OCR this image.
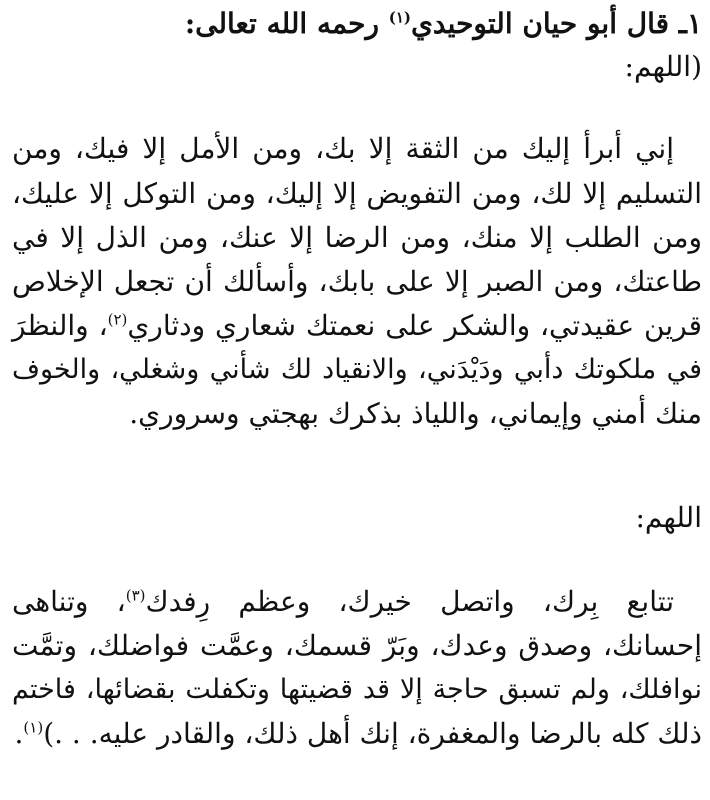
١ـ قال أبو حيان التوحيدي$^{(١)}$ رحمه الله تعالى:
(اللهم:
إني أبرأ إليك من الثقة إلا بك، ومن الأمل إلا فيك، ومن
التسليم إلا لك، ومن التفويض إلا إليك، ومن التوكل إلا عليك،
ومن الطلب إلا منك، ومن الرضا إلا عنك، ومن الذل إلا في
طاعتك، ومن الصبر إلا على بابك، وأسألك أن تجعل الإخلاص
قرين عقيدتي، والشكر على نعمتك شعاري ودثاري$^{(٢)}$، والنظرَ
في ملكوتك دأبي ودَيْدَني، والانقياد لك شأني وشغلي، والخوف
منك أمني وإيماني، واللياذ بذكرك بهجتي وسروري.
اللهم:
تتابع بِرك، واتصل خيرك، وعظم رِفدك$^{(٣)}$، وتناهى
إحسانك، وصدق وعدك، وبَرّ قسمك، وعمَّت فواضلك، وتمَّت
نوافلك، ولم تسبق حاجة إلا قد قضيتها وتكفلت بقضائها، فاختم
ذلك كله بالرضا والمغفرة، إنك أهل ذلك، والقادر عليه. . .)$^{(١)}$.
